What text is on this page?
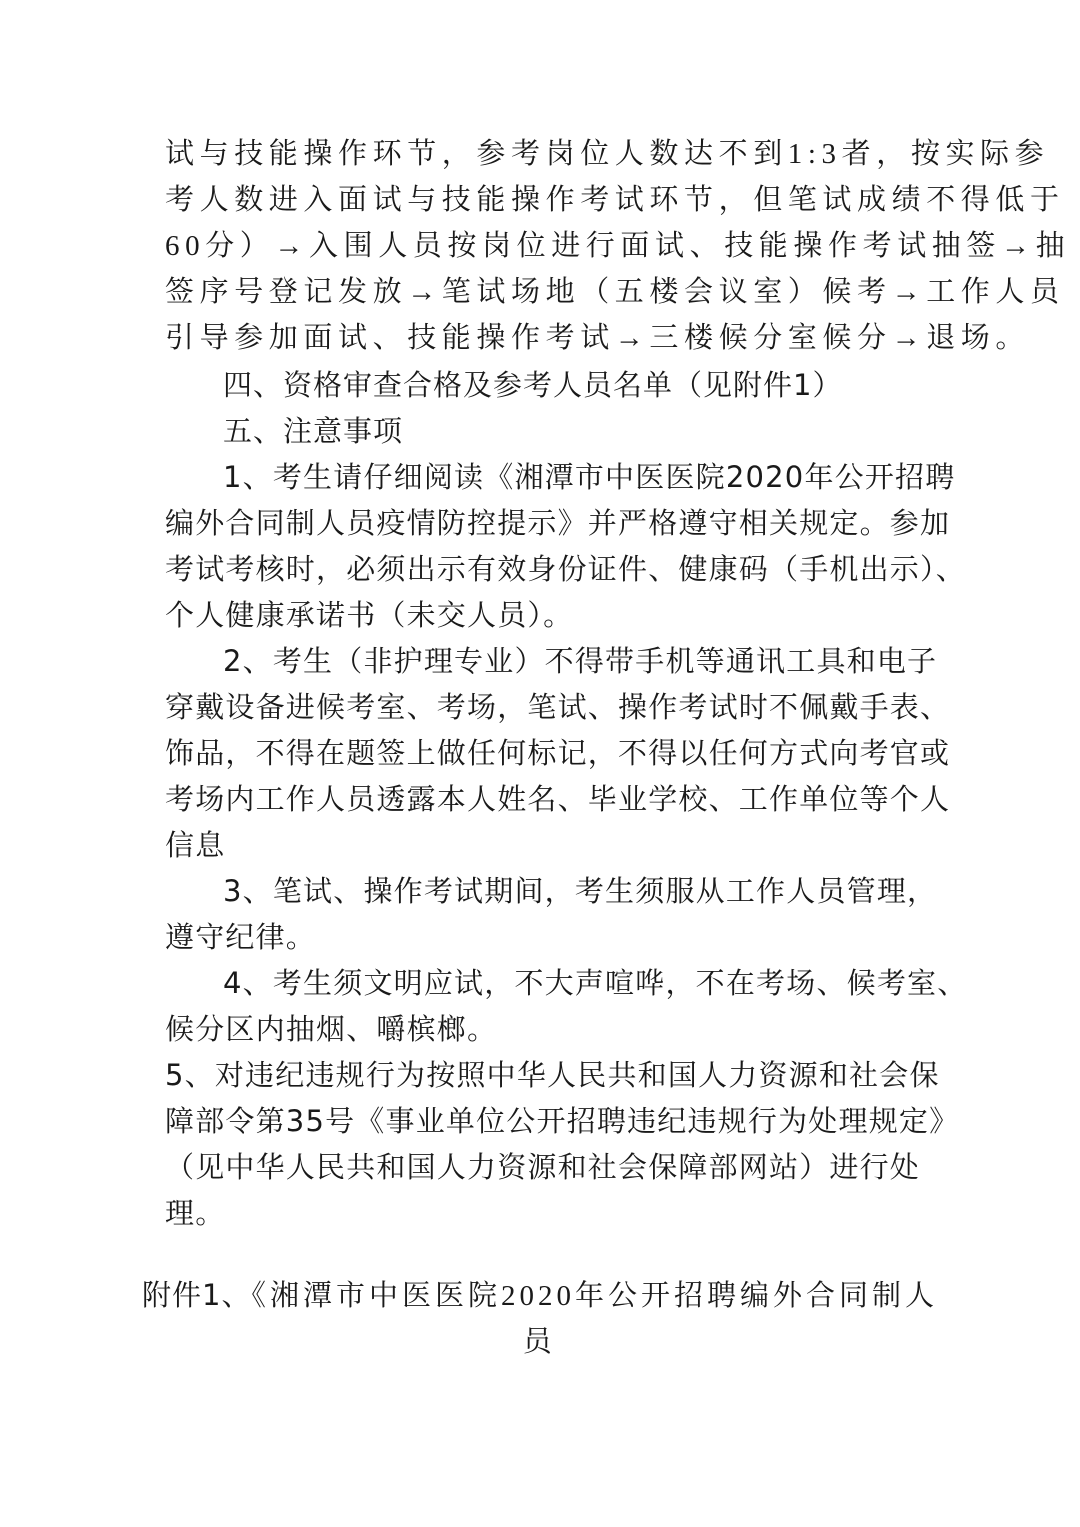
试与技能操作环节，参考岗位人数达不到1:3者，按实际参
考人数进入面试与技能操作考试环节，但笔试成绩不得低于
60分）→入围人员按岗位进行面试、技能操作考试抽签→抽
签序号登记发放→笔试场地（五楼会议室）候考→工作人员
引导参加面试、技能操作考试→三楼候分室候分→退场。
四、资格审查合格及参考人员名单（见附件1）
五、注意事项
1、考生请仔细阅读《湘潭市中医医院2020年公开招聘
编外合同制人员疫情防控提示》并严格遵守相关规定。参加
考试考核时，必须出示有效身份证件、健康码（手机出示）、
个人健康承诺书（未交人员）。
2、考生（非护理专业）不得带手机等通讯工具和电子
穿戴设备进候考室、考场，笔试、操作考试时不佩戴手表、
饰品，不得在题签上做任何标记，不得以任何方式向考官或
考场内工作人员透露本人姓名、毕业学校、工作单位等个人
信息
3、笔试、操作考试期间，考生须服从工作人员管理，
遵守纪律。
4、考生须文明应试，不大声喧哗，不在考场、候考室、
候分区内抽烟、嚼槟榔。
5、对违纪违规行为按照中华人民共和国人力资源和社会保
障部令第35号《事业单位公开招聘违纪违规行为处理规定》
（见中华人民共和国人力资源和社会保障部网站）进行处
理。
附件1、《湘潭市中医医院2020年公开招聘编外合同制人
员
